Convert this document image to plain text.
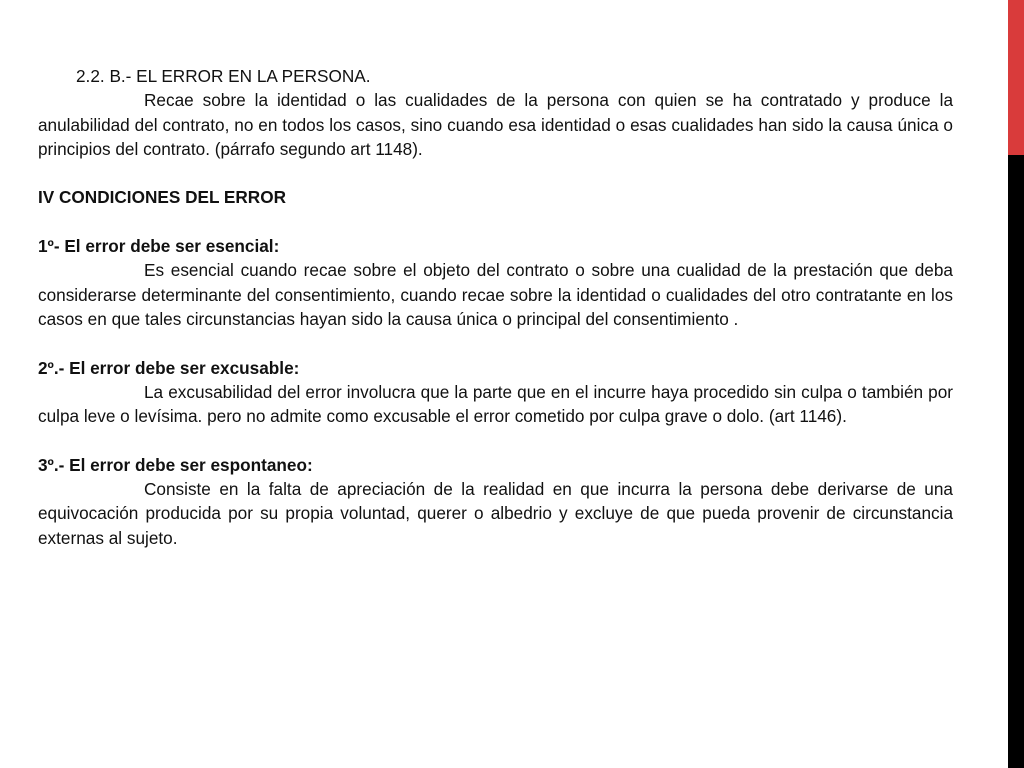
2.2. B.- EL ERROR EN LA PERSONA.

Recae sobre la identidad o las cualidades de la persona con quien se ha contratado y produce la anulabilidad del contrato, no en todos los casos, sino cuando esa identidad o esas cualidades han sido la causa única o principios del contrato. (párrafo segundo art 1148).

IV CONDICIONES DEL ERROR
1º- El error debe ser esencial:

Es esencial cuando recae sobre el objeto del contrato o sobre una cualidad de la prestación que deba considerarse determinante del consentimiento, cuando recae sobre la identidad o cualidades del otro contratante en los casos en que tales circunstancias hayan sido la causa única o principal del consentimiento .

2º.- El error debe ser excusable:

La excusabilidad del error involucra que la parte que en el incurre haya procedido sin culpa o también por culpa leve o levísima. pero no admite como excusable el error cometido por culpa grave o dolo. (art 1146).

3º.- El error debe ser espontaneo:

Consiste en la falta de apreciación de la realidad en que incurra la persona debe derivarse de una equivocación producida por su propia voluntad, querer o albedrio y excluye de que pueda provenir de circunstancia externas al sujeto.
